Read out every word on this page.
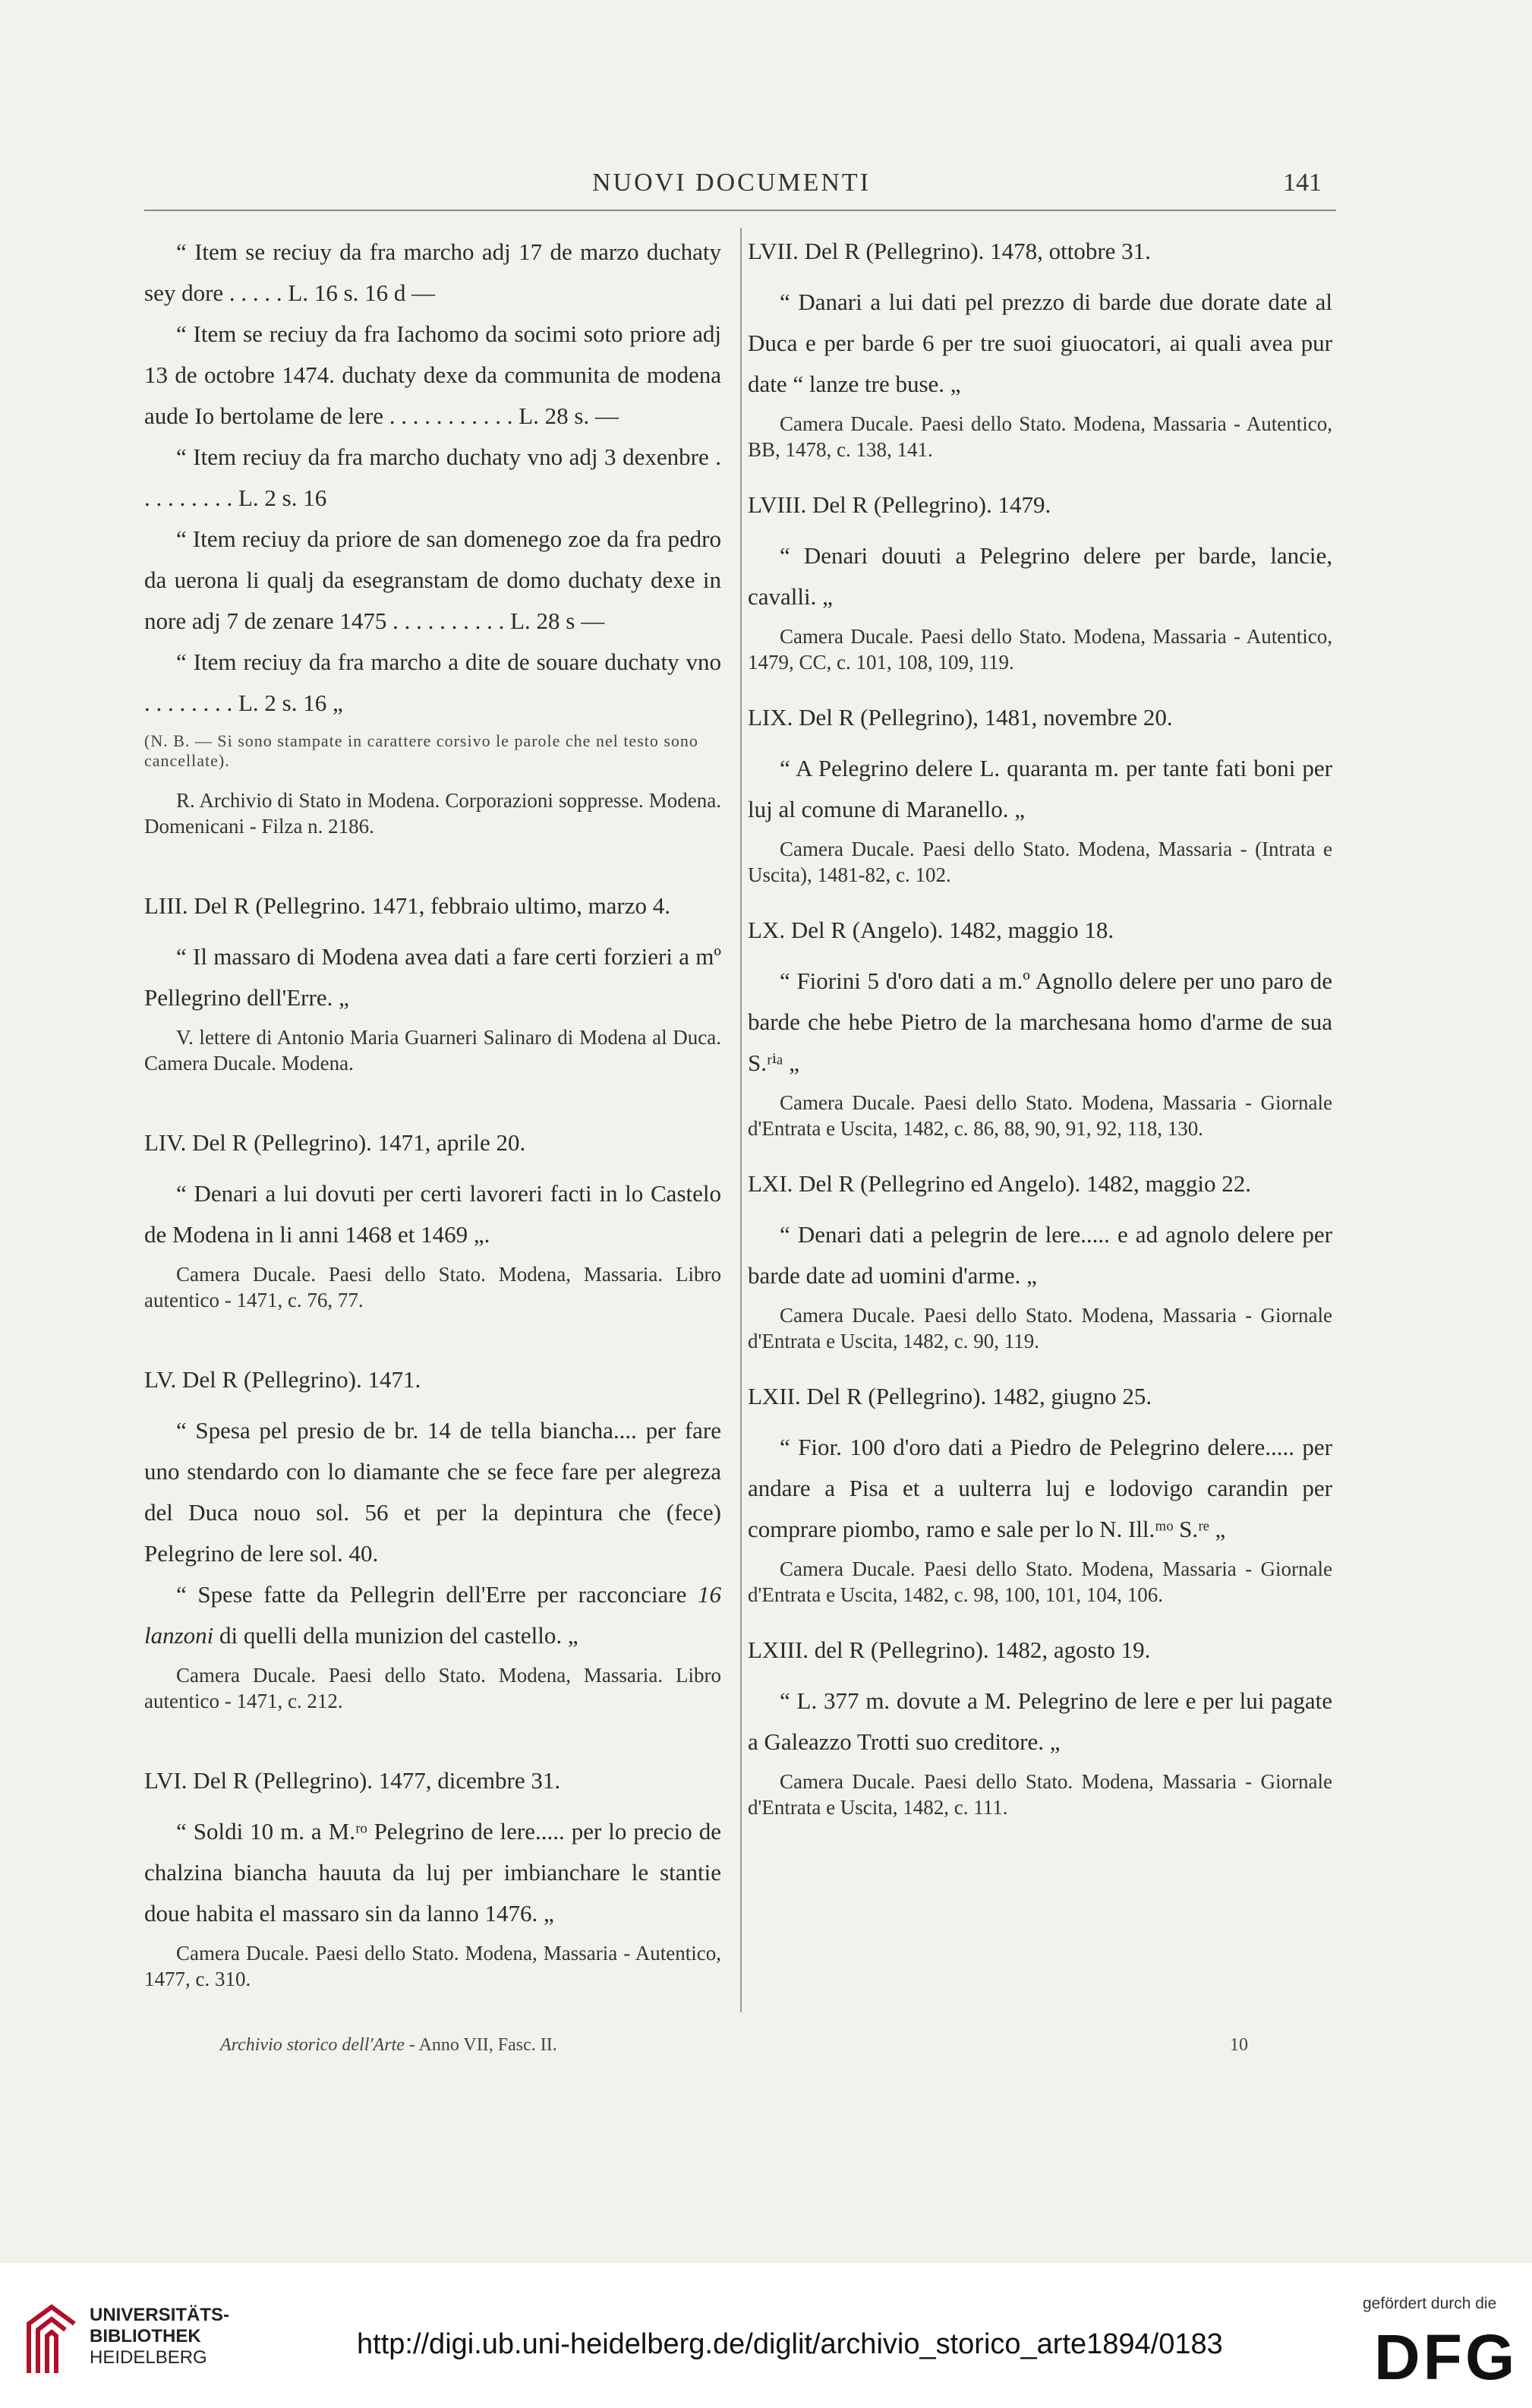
NUOVI DOCUMENTI	141

“ Item se reciuy da fra marcho adj 17 de marzo duchaty sey dore . . . . . L. 16 s. 16 d —

“ Item se reciuy da fra Iachomo da socimi soto priore adj 13 de octobre 1474. duchaty dexe da communita de modena aude Io bertolame de lere . . . . . . . . . . . L. 28 s. —

“ Item reciuy da fra marcho duchaty vno adj 3 dexenbre . . . . . . . . . L. 2 s. 16

“ Item reciuy da priore de san domenego zoe da fra pedro da uerona li qualj da esegranstam de domo duchaty dexe in nore adj 7 de zenare 1475 . . . . . . . . . . L. 28 s —

“ Item reciuy da fra marcho a dite de souare duchaty vno . . . . . . . . L. 2 s. 16 „

(N. B. — Si sono stampate in carattere corsivo le parole che nel testo sono cancellate).

R. Archivio di Stato in Modena. Corporazioni soppresse. Modena. Domenicani - Filza n. 2186.

LIII. Del R (Pellegrino. 1471, febbraio ultimo, marzo 4.

“ Il massaro di Modena avea dati a fare certi forzieri a mº Pellegrino dell'Erre. „

V. lettere di Antonio Maria Guarneri Salinaro di Modena al Duca. Camera Ducale. Modena.

LIV. Del R (Pellegrino). 1471, aprile 20.

“ Denari a lui dovuti per certi lavoreri facti in lo Castelo de Modena in li anni 1468 et 1469 „.

Camera Ducale. Paesi dello Stato. Modena, Massaria. Libro autentico - 1471, c. 76, 77.

LV. Del R (Pellegrino). 1471.

“ Spesa pel presio de br. 14 de tella biancha.... per fare uno stendardo con lo diamante che se fece fare per alegreza del Duca nouo sol. 56 et per la depintura che (fece) Pelegrino de lere sol. 40.

“ Spese fatte da Pellegrin dell'Erre per racconciare 16 lanzoni di quelli della munizion del castello. „

Camera Ducale. Paesi dello Stato. Modena, Massaria. Libro autentico - 1471, c. 212.

LVI. Del R (Pellegrino). 1477, dicembre 31.

“ Soldi 10 m. a M.ʳᵒ Pelegrino de lere..... per lo precio de chalzina biancha hauuta da luj per imbianchare le stantie doue habita el massaro sin da lanno 1476. „

Camera Ducale. Paesi dello Stato. Modena, Massaria - Autentico, 1477, c. 310.

LVII. Del R (Pellegrino). 1478, ottobre 31.

“ Danari a lui dati pel prezzo di barde due dorate date al Duca e per barde 6 per tre suoi giuocatori, ai quali avea pur date “ lanze tre buse. „

Camera Ducale. Paesi dello Stato. Modena, Massaria - Autentico, BB, 1478, c. 138, 141.

LVIII. Del R (Pellegrino). 1479.

“ Denari douuti a Pelegrino delere per barde, lancie, cavalli. „

Camera Ducale. Paesi dello Stato. Modena, Massaria - Autentico, 1479, CC, c. 101, 108, 109, 119.

LIX. Del R (Pellegrino), 1481, novembre 20.

“ A Pelegrino delere L. quaranta m. per tante fati boni per luj al comune di Maranello. „

Camera Ducale. Paesi dello Stato. Modena, Massaria - (Intrata e Uscita), 1481-82, c. 102.

LX. Del R (Angelo). 1482, maggio 18.

“ Fiorini 5 d'oro dati a m.º Agnollo delere per uno paro de barde che hebe Pietro de la marchesana homo d'arme de sua S.ʳⁱᵃ „

Camera Ducale. Paesi dello Stato. Modena, Massaria - Giornale d'Entrata e Uscita, 1482, c. 86, 88, 90, 91, 92, 118, 130.

LXI. Del R (Pellegrino ed Angelo). 1482, maggio 22.

“ Denari dati a pelegrin de lere..... e ad agnolo delere per barde date ad uomini d'arme. „

Camera Ducale. Paesi dello Stato. Modena, Massaria - Giornale d'Entrata e Uscita, 1482, c. 90, 119.

LXII. Del R (Pellegrino). 1482, giugno 25.

“ Fior. 100 d'oro dati a Piedro de Pelegrino delere..... per andare a Pisa et a uulterra luj e lodovigo carandin per comprare piombo, ramo e sale per lo N. Ill.ᵐᵒ S.ʳᵉ „

Camera Ducale. Paesi dello Stato. Modena, Massaria - Giornale d'Entrata e Uscita, 1482, c. 98, 100, 101, 104, 106.

LXIII. del R (Pellegrino). 1482, agosto 19.

“ L. 377 m. dovute a M. Pelegrino de lere e per lui pagate a Galeazzo Trotti suo creditore. „

Camera Ducale. Paesi dello Stato. Modena, Massaria - Giornale d'Entrata e Uscita, 1482, c. 111.

Archivio storico dell'Arte - Anno VII, Fasc. II.	10
UNIVERSITÄTS-
BIBLIOTHEK
HEIDELBERG	http://digi.ub.uni-heidelberg.de/diglit/archivio_storico_arte1894/0183
gefördert durch die
DFG
